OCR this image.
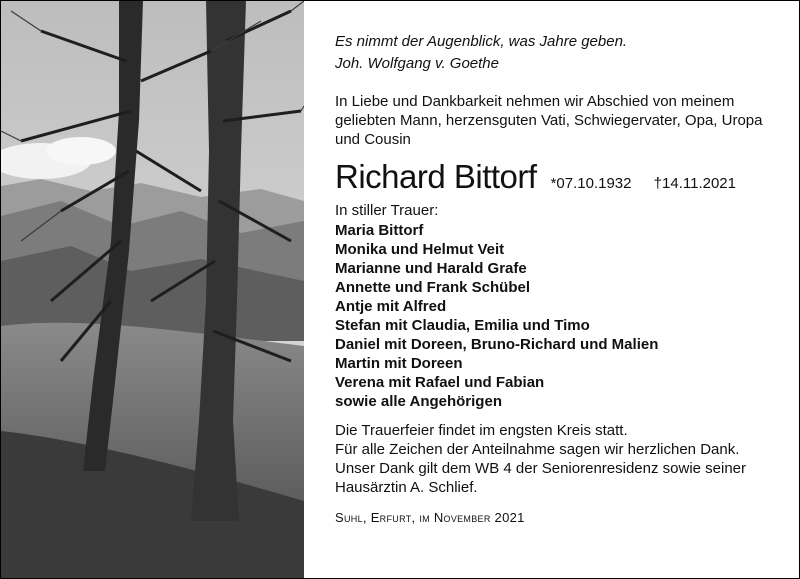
Es nimmt der Augenblick, was Jahre geben.
Joh. Wolfgang v. Goethe

In Liebe und Dankbarkeit nehmen wir Abschied von meinem geliebten Mann, herzensguten Vati, Schwiegervater, Opa, Uropa und Cousin

Richard Bittorf *07.10.1932 †14.11.2021
In stiller Trauer:
Maria Bittorf
Monika und Helmut Veit
Marianne und Harald Grafe
Annette und Frank Schübel
Antje mit Alfred
Stefan mit Claudia, Emilia und Timo
Daniel mit Doreen, Bruno-Richard und Malien
Martin mit Doreen
Verena mit Rafael und Fabian
sowie alle Angehörigen

Die Trauerfeier findet im engsten Kreis statt.

Für alle Zeichen der Anteilnahme sagen wir herzlichen Dank.

Unser Dank gilt dem WB 4 der Seniorenresidenz sowie seiner Hausärztin A. Schlief.

Suhl, Erfurt, im November 2021
